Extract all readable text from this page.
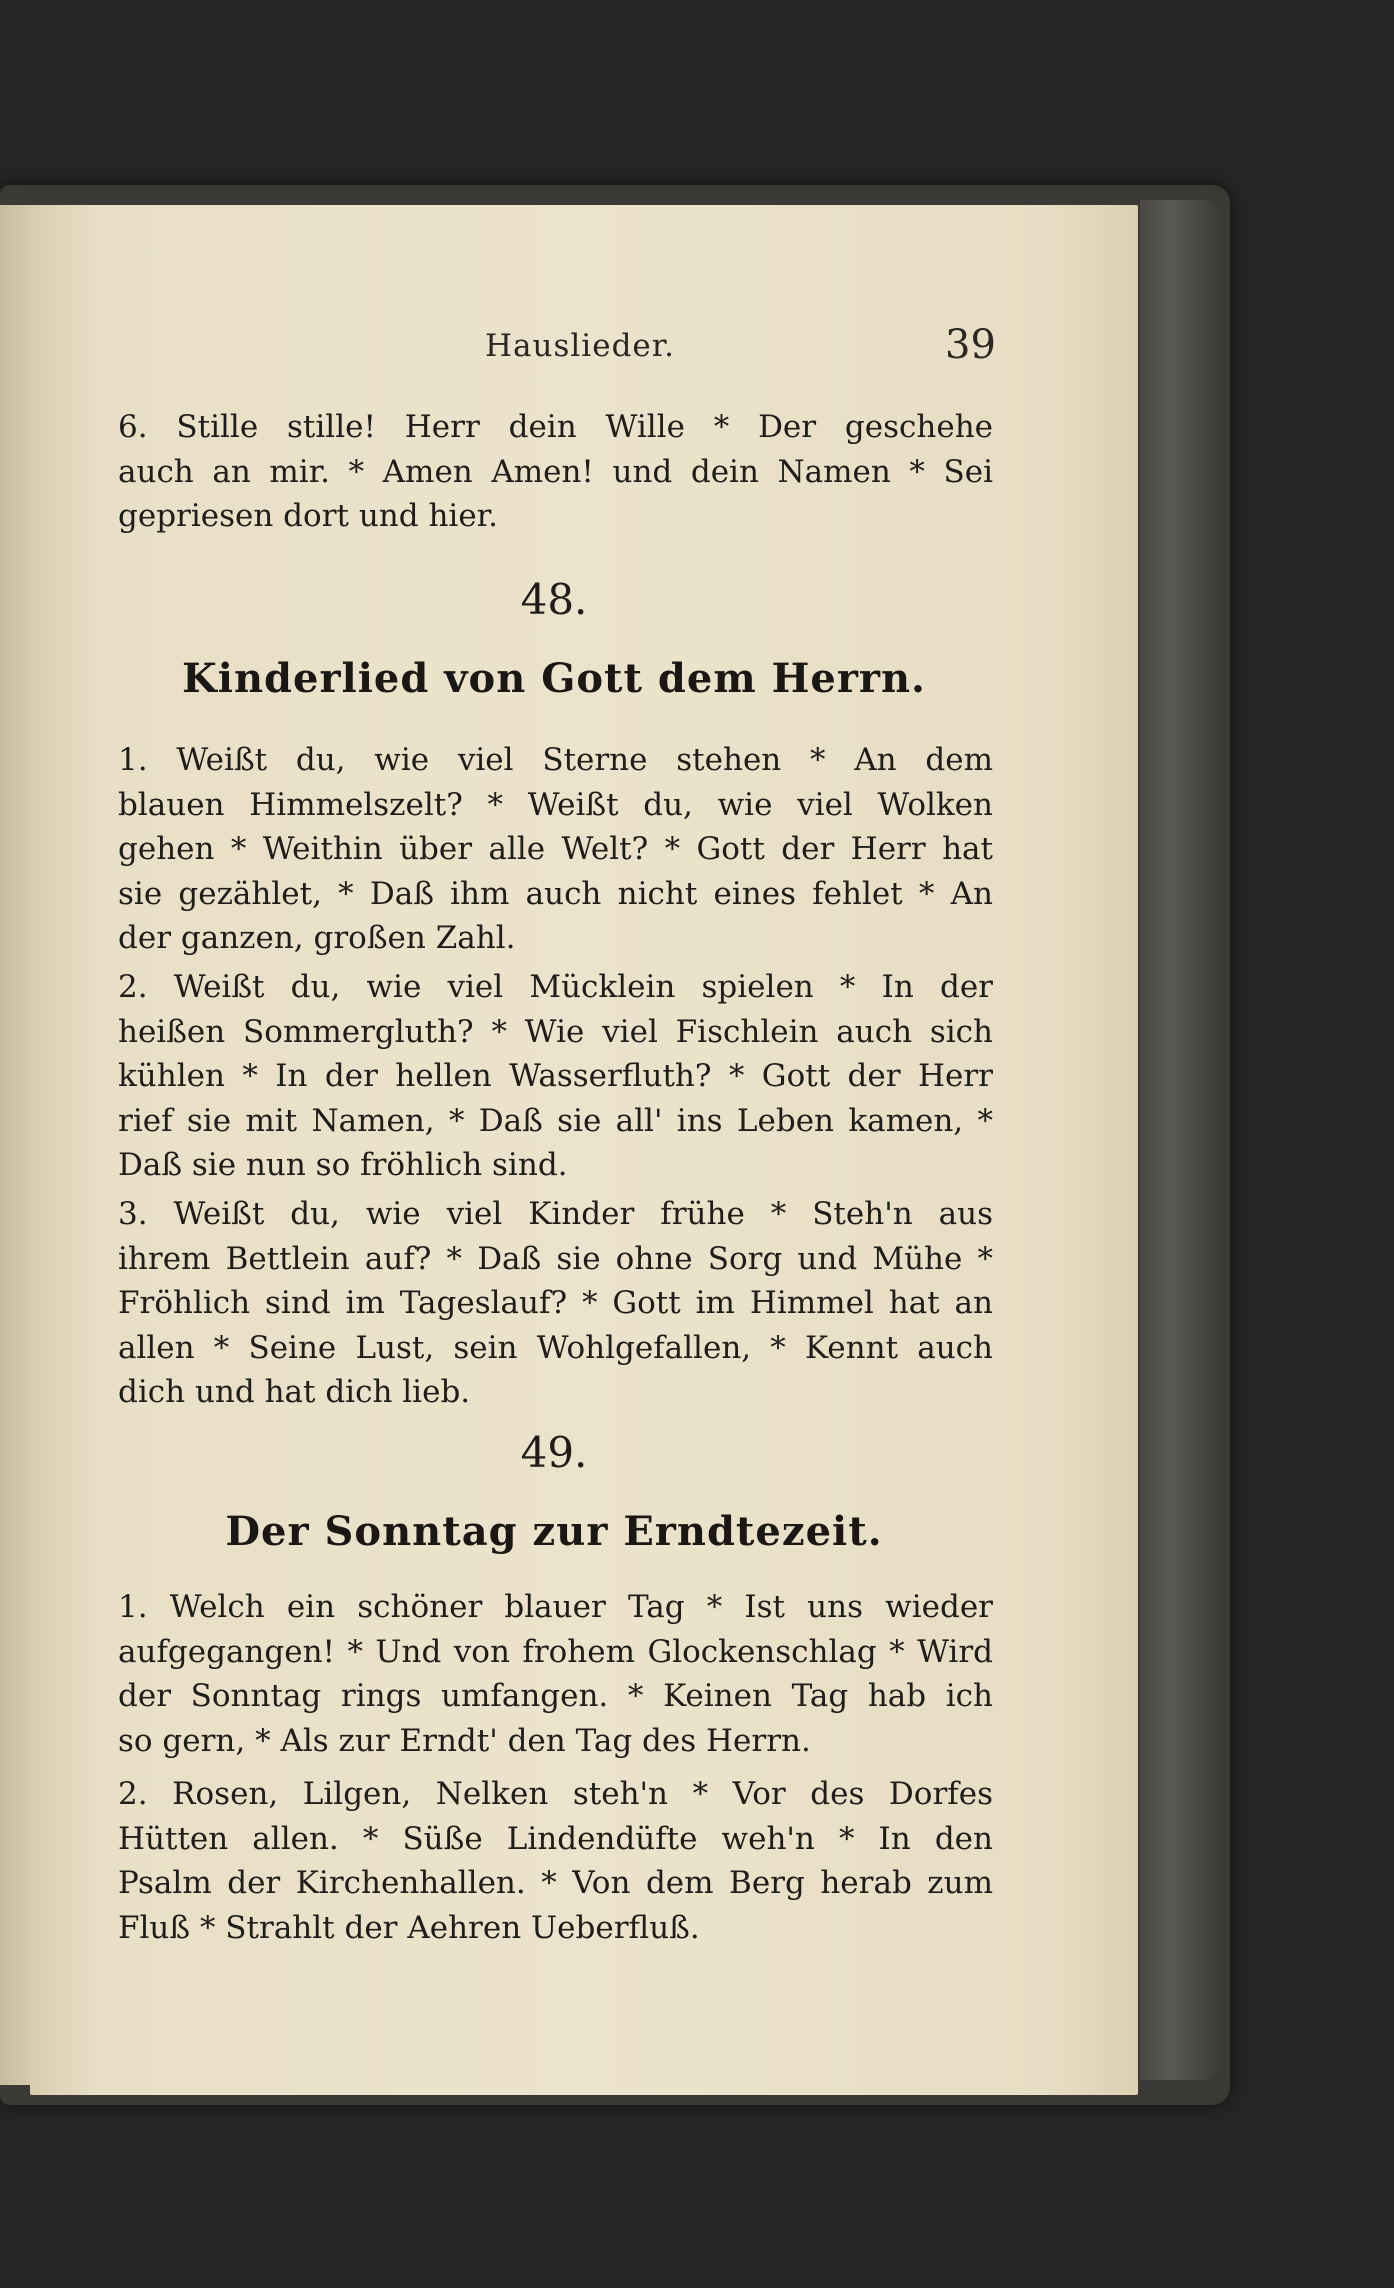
Hauslieder.	39
6. Stille stille! Herr dein Wille * Der geschehe
auch an mir. * Amen Amen! und dein Namen * Sei
gepriesen dort und hier.
48.
Kinderlied von Gott dem Herrn.
1. Weißt du, wie viel Sterne stehen * An dem
blauen Himmelszelt? * Weißt du, wie viel Wolken
gehen * Weithin über alle Welt? * Gott der Herr hat
sie gezählet, * Daß ihm auch nicht eines fehlet * An
der ganzen, großen Zahl.
2. Weißt du, wie viel Mücklein spielen * In der
heißen Sommergluth? * Wie viel Fischlein auch sich
kühlen * In der hellen Wasserfluth? * Gott der Herr
rief sie mit Namen, * Daß sie all' ins Leben kamen, *
Daß sie nun so fröhlich sind.
3. Weißt du, wie viel Kinder frühe * Steh'n aus
ihrem Bettlein auf? * Daß sie ohne Sorg und Mühe *
Fröhlich sind im Tageslauf? * Gott im Himmel hat an
allen * Seine Lust, sein Wohlgefallen, * Kennt auch
dich und hat dich lieb.
49.
Der Sonntag zur Erndtezeit.
1. Welch ein schöner blauer Tag * Ist uns wieder
aufgegangen! * Und von frohem Glockenschlag * Wird
der Sonntag rings umfangen. * Keinen Tag hab ich
so gern, * Als zur Erndt' den Tag des Herrn.
2. Rosen, Lilgen, Nelken steh'n * Vor des Dorfes
Hütten allen. * Süße Lindendüfte weh'n * In den
Psalm der Kirchenhallen. * Von dem Berg herab zum
Fluß * Strahlt der Aehren Ueberfluß.
